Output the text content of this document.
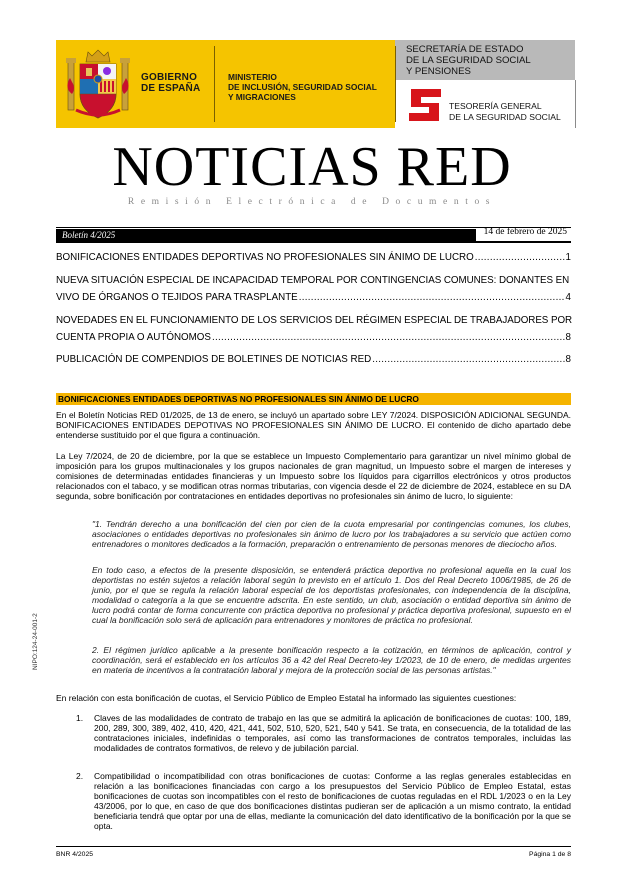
GOBIERNO
DE ESPAÑA
MINISTERIO
DE INCLUSIÓN, SEGURIDAD SOCIAL
Y MIGRACIONES
SECRETARÍA DE ESTADO
DE LA SEGURIDAD SOCIAL
Y PENSIONES
TESORERÍA GENERAL
DE LA SEGURIDAD SOCIAL
NOTICIAS RED
Remisión Electrónica de Documentos
Boletín 4/2025	14 de febrero de 2025
BONIFICACIONES ENTIDADES DEPORTIVAS NO PROFESIONALES SIN ÁNIMO DE LUCRO .....	1
NUEVA SITUACIÓN ESPECIAL DE INCAPACIDAD TEMPORAL POR CONTINGENCIAS COMUNES: DONANTES EN
VIVO DE ÓRGANOS O TEJIDOS PARA TRASPLANTE .....	4
NOVEDADES EN EL FUNCIONAMIENTO DE LOS SERVICIOS DEL RÉGIMEN ESPECIAL DE TRABAJADORES POR
CUENTA PROPIA O AUTÓNOMOS .....	8
PUBLICACIÓN DE COMPENDIOS DE BOLETINES DE NOTICIAS RED .....	8
BONIFICACIONES ENTIDADES DEPORTIVAS NO PROFESIONALES SIN ÁNIMO DE LUCRO
En el Boletín Noticias RED 01/2025, de 13 de enero, se incluyó un apartado sobre LEY 7/2024. DISPOSICIÓN ADICIONAL SEGUNDA. BONIFICACIONES ENTIDADES DEPOTIVAS NO PROFESIONALES SIN ÁNIMO DE LUCRO. El contenido de dicho apartado debe entenderse sustituido por el que figura a continuación.
La Ley 7/2024, de 20 de diciembre, por la que se establece un Impuesto Complementario para garantizar un nivel mínimo global de imposición para los grupos multinacionales y los grupos nacionales de gran magnitud, un Impuesto sobre el margen de intereses y comisiones de determinadas entidades financieras y un Impuesto sobre los líquidos para cigarrillos electrónicos y otros productos relacionados con el tabaco, y se modifican otras normas tributarias, con vigencia desde el 22 de diciembre de 2024, establece en su DA segunda, sobre bonificación por contrataciones en entidades deportivas no profesionales sin ánimo de lucro, lo siguiente:
"1. Tendrán derecho a una bonificación del cien por cien de la cuota empresarial por contingencias comunes, los clubes, asociaciones o entidades deportivas no profesionales sin ánimo de lucro por los trabajadores a su servicio que actúen como entrenadores o monitores dedicados a la formación, preparación o entrenamiento de personas menores de dieciocho años.
En todo caso, a efectos de la presente disposición, se entenderá práctica deportiva no profesional aquella en la cual los deportistas no estén sujetos a relación laboral según lo previsto en el artículo 1. Dos del Real Decreto 1006/1985, de 26 de junio, por el que se regula la relación laboral especial de los deportistas profesionales, con independencia de la disciplina, modalidad o categoría a la que se encuentre adscrita. En este sentido, un club, asociación o entidad deportiva sin ánimo de lucro podrá contar de forma concurrente con práctica deportiva no profesional y práctica deportiva profesional, supuesto en el cual la bonificación solo será de aplicación para entrenadores y monitores de práctica no profesional.
2. El régimen jurídico aplicable a la presente bonificación respecto a la cotización, en términos de aplicación, control y coordinación, será el establecido en los artículos 36 a 42 del Real Decreto-ley 1/2023, de 10 de enero, de medidas urgentes en materia de incentivos a la contratación laboral y mejora de la protección social de las personas artistas."
En relación con esta bonificación de cuotas, el Servicio Público de Empleo Estatal ha informado las siguientes cuestiones:
1. Claves de las modalidades de contrato de trabajo en las que se admitirá la aplicación de bonificaciones de cuotas: 100, 189, 200, 289, 300, 389, 402, 410, 420, 421, 441, 502, 510, 520, 521, 540 y 541. Se trata, en consecuencia, de la totalidad de las contrataciones iniciales, indefinidas o temporales, así como las transformaciones de contratos temporales, incluidas las modalidades de contratos formativos, de relevo y de jubilación parcial.
2. Compatibilidad o incompatibilidad con otras bonificaciones de cuotas: Conforme a las reglas generales establecidas en relación a las bonificaciones financiadas con cargo a los presupuestos del Servicio Público de Empleo Estatal, estas bonificaciones de cuotas son incompatibles con el resto de bonificaciones de cuotas reguladas en el RDL 1/2023 o en la Ley 43/2006, por lo que, en caso de que dos bonificaciones distintas pudieran ser de aplicación a un mismo contrato, la entidad beneficiaria tendrá que optar por una de ellas, mediante la comunicación del dato identificativo de la bonificación por la que se opta.
NIPO:124-24-001-2
BNR 4/2025	Página 1 de 8
